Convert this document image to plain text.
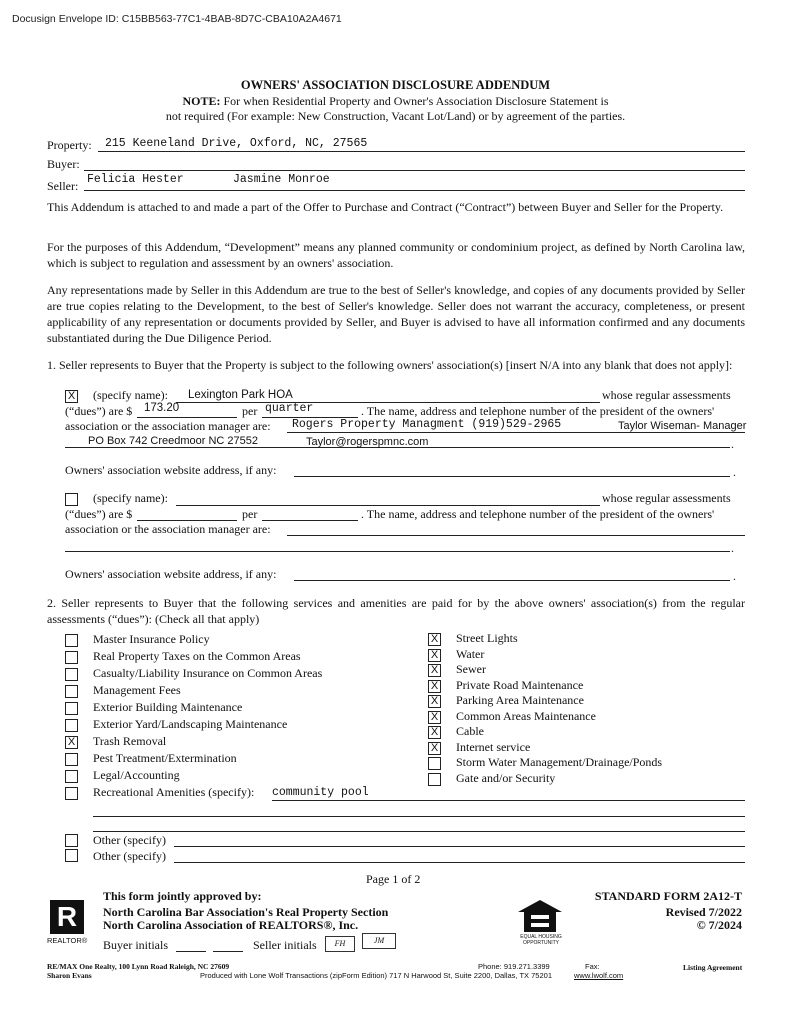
Docusign Envelope ID: C15BB563-77C1-4BAB-8D7C-CBA10A2A4671
OWNERS' ASSOCIATION DISCLOSURE ADDENDUM
NOTE: For when Residential Property and Owner's Association Disclosure Statement is
not required (For example: New Construction, Vacant Lot/Land) or by agreement of the parties.
Property: 215 Keeneland Drive, Oxford, NC, 27565
Buyer:
Seller: Felicia Hester	Jasmine Monroe
This Addendum is attached to and made a part of the Offer to Purchase and Contract (“Contract”) between Buyer and Seller for the Property.
For the purposes of this Addendum, “Development” means any planned community or condominium project, as defined by North Carolina law, which is subject to regulation and assessment by an owners' association.
Any representations made by Seller in this Addendum are true to the best of Seller's knowledge, and copies of any documents provided by Seller are true copies relating to the Development, to the best of Seller's knowledge. Seller does not warrant the accuracy, completeness, or present applicability of any representation or documents provided by Seller, and Buyer is advised to have all information confirmed and any documents substantiated during the Due Diligence Period.
1. Seller represents to Buyer that the Property is subject to the following owners' association(s) [insert N/A into any blank that does not apply]:
X (specify name): Lexington Park HOA	whose regular assessments
(“dues”) are $ 173.20	per quarter	. The name, address and telephone number of the president of the owners'
association or the association manager are: Rogers Property Managment (919)529-2965	Taylor Wiseman- Manager
PO Box 742 Creedmoor NC 27552	Taylor@rogerspmnc.com	.
Owners' association website address, if any:	.
(specify name):	whose regular assessments
(“dues”) are $	per	. The name, address and telephone number of the president of the owners'
association or the association manager are:
.
Owners' association website address, if any:	.
2. Seller represents to Buyer that the following services and amenities are paid for by the above owners' association(s) from the regular assessments (“dues”): (Check all that apply)
Master Insurance Policy
Real Property Taxes on the Common Areas
Casualty/Liability Insurance on Common Areas
Management Fees
Exterior Building Maintenance
Exterior Yard/Landscaping Maintenance
X Trash Removal
Pest Treatment/Extermination
Legal/Accounting
Recreational Amenities (specify):
X Street Lights
X Water
X Sewer
X Private Road Maintenance
X Parking Area Maintenance
X Common Areas Maintenance
X Cable
X Internet service
Storm Water Management/Drainage/Ponds
Gate and/or Security
community pool
Other (specify)
Other (specify)
Page 1 of 2
R
REALTOR®
This form jointly approved by:
North Carolina Bar Association's Real Property Section
North Carolina Association of REALTORS®, Inc.
Buyer initials	Seller initials	FH	JM	EQUAL HOUSING OPPORTUNITY
STANDARD FORM 2A12-T
Revised 7/2022
© 7/2024
RE/MAX One Realty, 100 Lynn Road Raleigh, NC 27609
Sharon Evans
Phone: 919.271.3399	Fax:	Listing Agreement
Produced with Lone Wolf Transactions (zipForm Edition) 717 N Harwood St, Suite 2200, Dallas, TX 75201	www.lwolf.com
